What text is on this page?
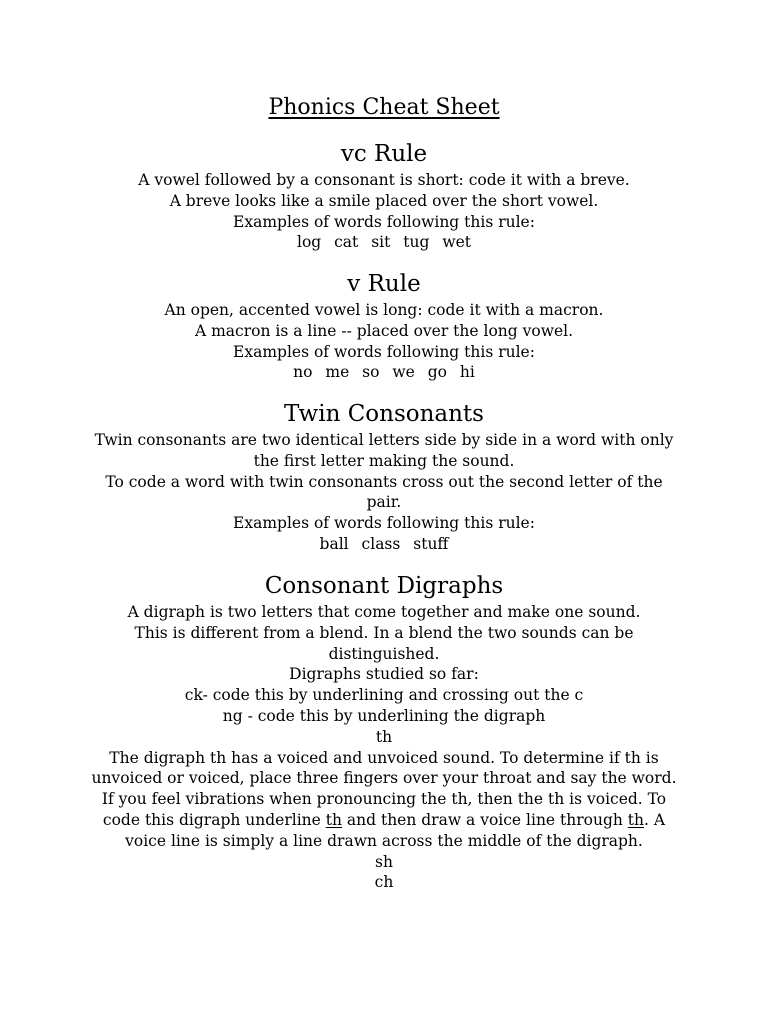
Phonics Cheat Sheet
vc Rule
A vowel followed by a consonant is short: code it with a breve.
A breve looks like a smile placed over the short vowel.
Examples of words following this rule:
log cat sit tug wet
v Rule
An open, accented vowel is long: code it with a macron.
A macron is a line -- placed over the long vowel.
Examples of words following this rule:
no me so we go hi
Twin Consonants
Twin consonants are two identical letters side by side in a word with only
the first letter making the sound.
To code a word with twin consonants cross out the second letter of the
pair.
Examples of words following this rule:
ball class stuff
Consonant Digraphs
A digraph is two letters that come together and make one sound.
This is different from a blend. In a blend the two sounds can be
distinguished.
Digraphs studied so far:
ck- code this by underlining and crossing out the c
ng - code this by underlining the digraph
th
The digraph th has a voiced and unvoiced sound. To determine if th is
unvoiced or voiced, place three fingers over your throat and say the word.
If you feel vibrations when pronouncing the th, then the th is voiced. To
code this digraph underline th and then draw a voice line through th. A
voice line is simply a line drawn across the middle of the digraph.
sh
ch
